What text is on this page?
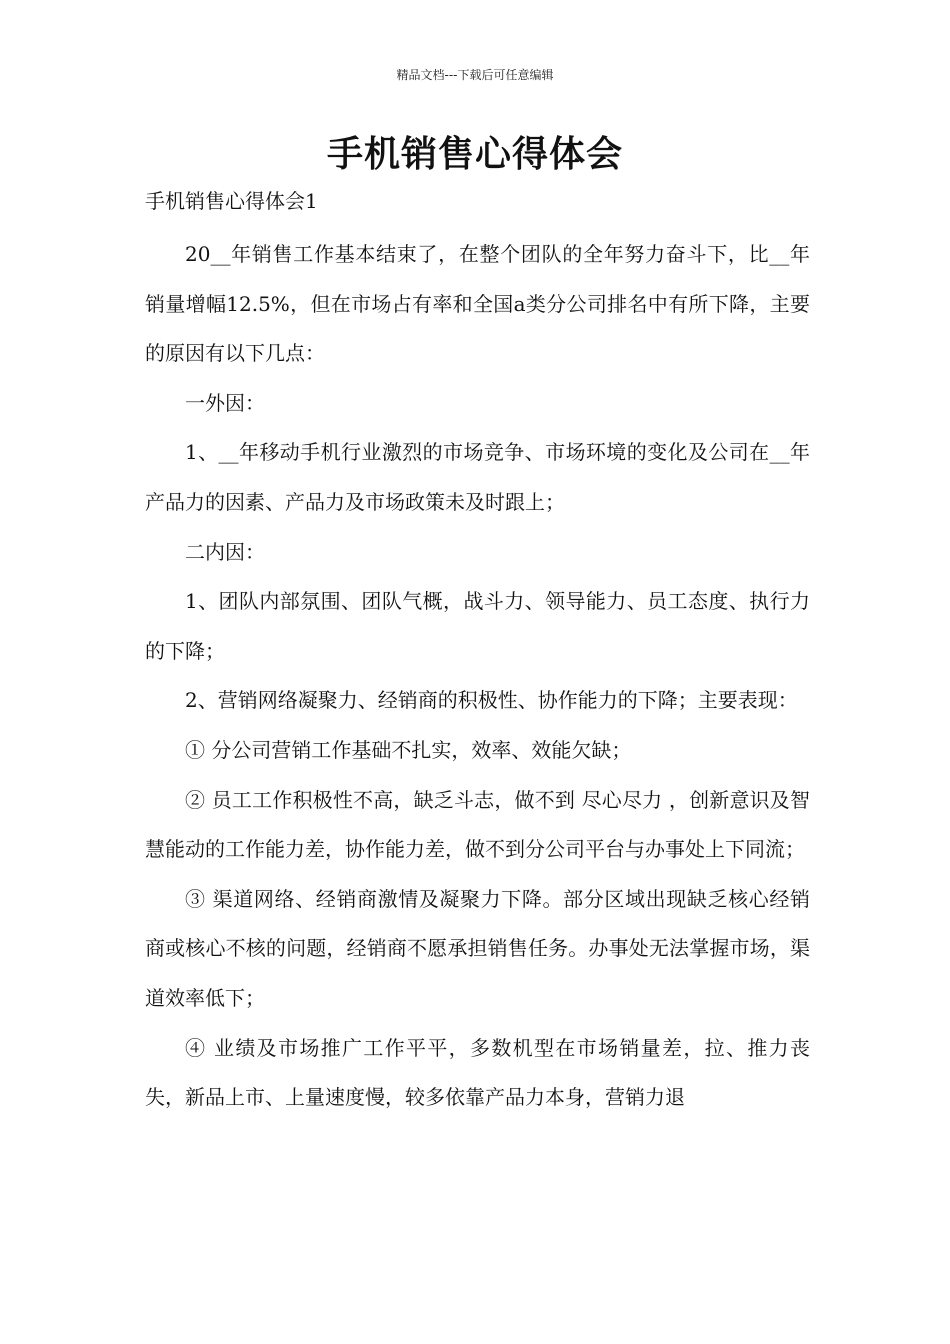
精品文档---下载后可任意编辑
手机销售心得体会
手机销售心得体会1

20__年销售工作基本结束了，在整个团队的全年努力奋斗下，比__年销量增幅12.5%，但在市场占有率和全国a类分公司排名中有所下降，主要的原因有以下几点：

一外因：

1、__年移动手机行业激烈的市场竞争、市场环境的变化及公司在__年产品力的因素、产品力及市场政策未及时跟上；

二内因：

1、团队内部氛围、团队气概，战斗力、领导能力、员工态度、执行力的下降；

2、营销网络凝聚力、经销商的积极性、协作能力的下降；主要表现：

① 分公司营销工作基础不扎实，效率、效能欠缺；

② 员工工作积极性不高，缺乏斗志，做不到 尽心尽力 ，创新意识及智慧能动的工作能力差，协作能力差，做不到分公司平台与办事处上下同流；

③ 渠道网络、经销商激情及凝聚力下降。部分区域出现缺乏核心经销商或核心不核的问题，经销商不愿承担销售任务。办事处无法掌握市场，渠道效率低下；

④ 业绩及市场推广工作平平，多数机型在市场销量差，拉、推力丧失，新品上市、上量速度慢，较多依靠产品力本身，营销力退
